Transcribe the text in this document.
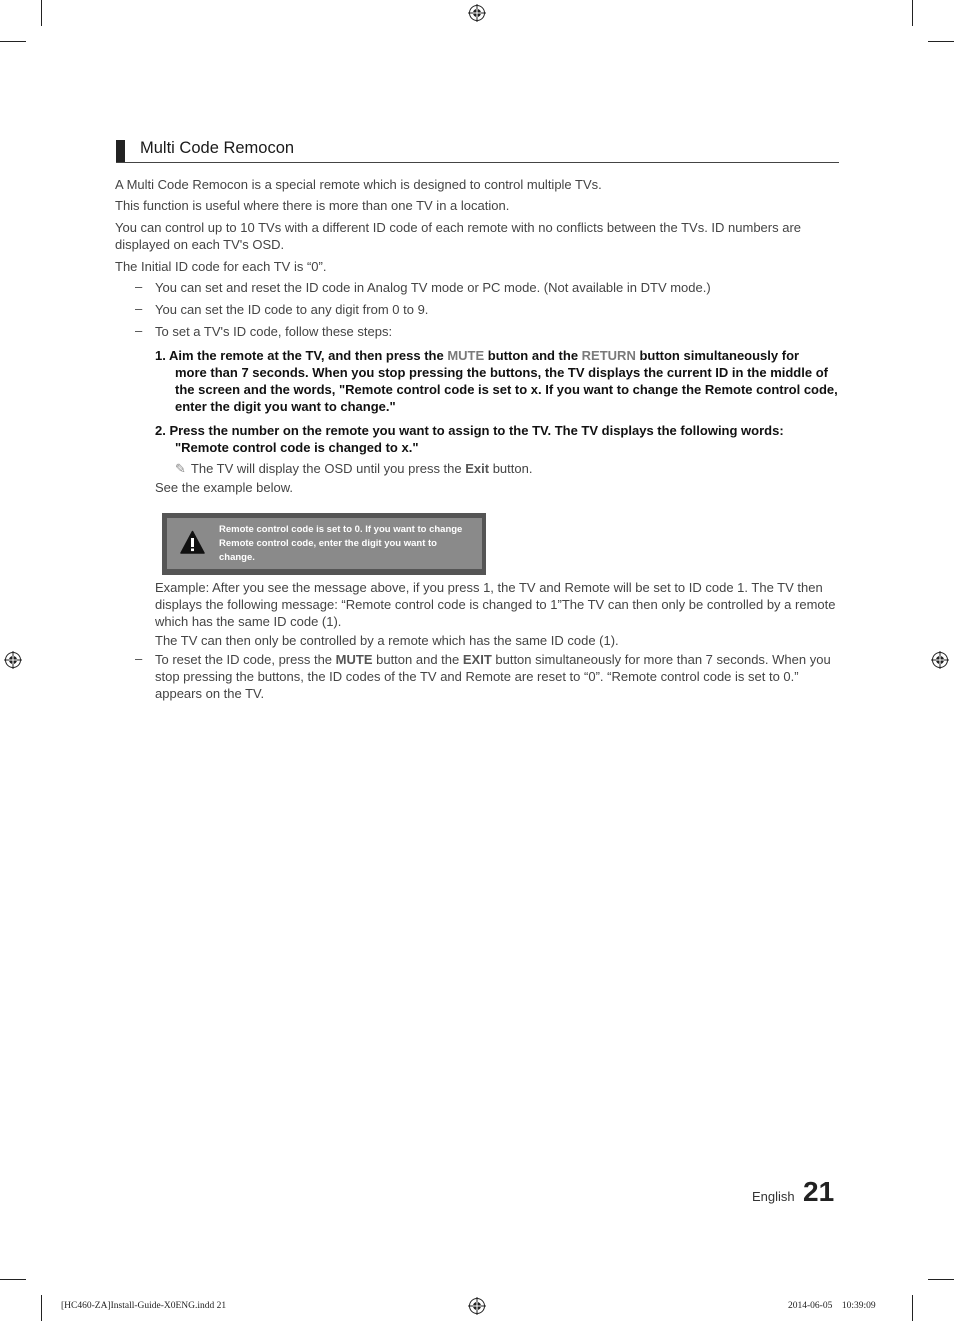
Multi Code Remocon
A Multi Code Remocon is a special remote which is designed to control multiple TVs.
This function is useful where there is more than one TV in a location.
You can control up to 10 TVs with a different ID code of each remote with no conflicts between the TVs. ID numbers are displayed on each TV's OSD.
The Initial ID code for each TV is “0”.
– You can set and reset the ID code in Analog TV mode or PC mode. (Not available in DTV mode.)
– You can set the ID code to any digit from 0 to 9.
– To set a TV's ID code, follow these steps:
1. Aim the remote at the TV, and then press the MUTE button and the RETURN button simultaneously for
more than 7 seconds. When you stop pressing the buttons, the TV displays the current ID in the middle of the screen and the words, "Remote control code is set to x. If you want to change the Remote control code, enter the digit you want to change."
2. Press the number on the remote you want to assign to the TV. The TV displays the following words:
"Remote control code is changed to x."
✎ The TV will display the OSD until you press the Exit button.
See the example below.
Remote control code is set to 0. If you want to change Remote control code, enter the digit you want to change.
Example: After you see the message above, if you press 1, the TV and Remote will be set to ID code 1. The TV then displays the following message: “Remote control code is changed to 1”The TV can then only be controlled by a remote which has the same ID code (1).
The TV can then only be controlled by a remote which has the same ID code (1).
– To reset the ID code, press the MUTE button and the EXIT button simultaneously for more than 7 seconds. When you stop pressing the buttons, the ID codes of the TV and Remote are reset to “0”. “Remote control code is set to 0.” appears on the TV.
English 21
[HC460-ZA]Install-Guide-X0ENG.indd 21	2014-06-05    10:39:09
